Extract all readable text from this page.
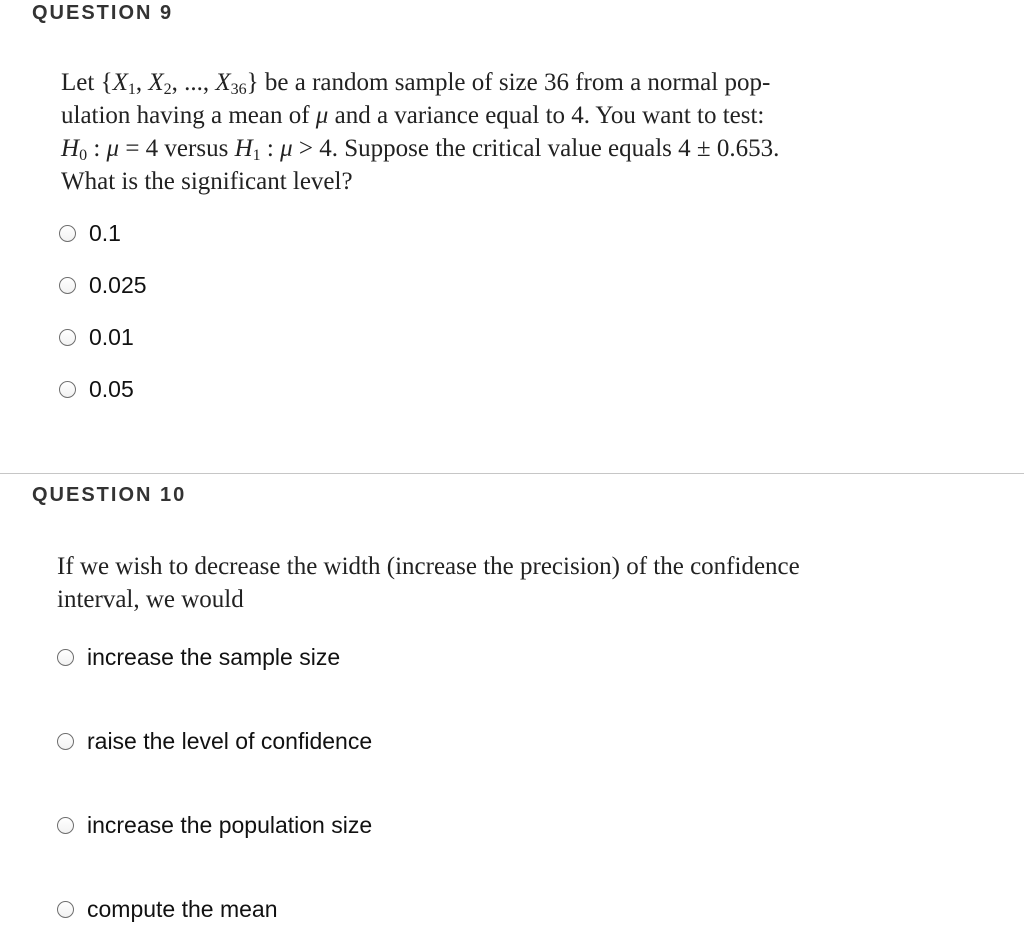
QUESTION 9
Let {$X_1$, $X_2$, ..., $X_{36}$} be a random sample of size 36 from a normal pop-
ulation having a mean of μ and a variance equal to 4. You want to test:
$H_0$ : μ = 4 versus $H_1$ : μ > 4. Suppose the critical value equals 4 ± 0.653.
What is the significant level?
0.1
0.025
0.01
0.05
QUESTION 10
If we wish to decrease the width (increase the precision) of the confidence
interval, we would
increase the sample size
raise the level of confidence
increase the population size
compute the mean
